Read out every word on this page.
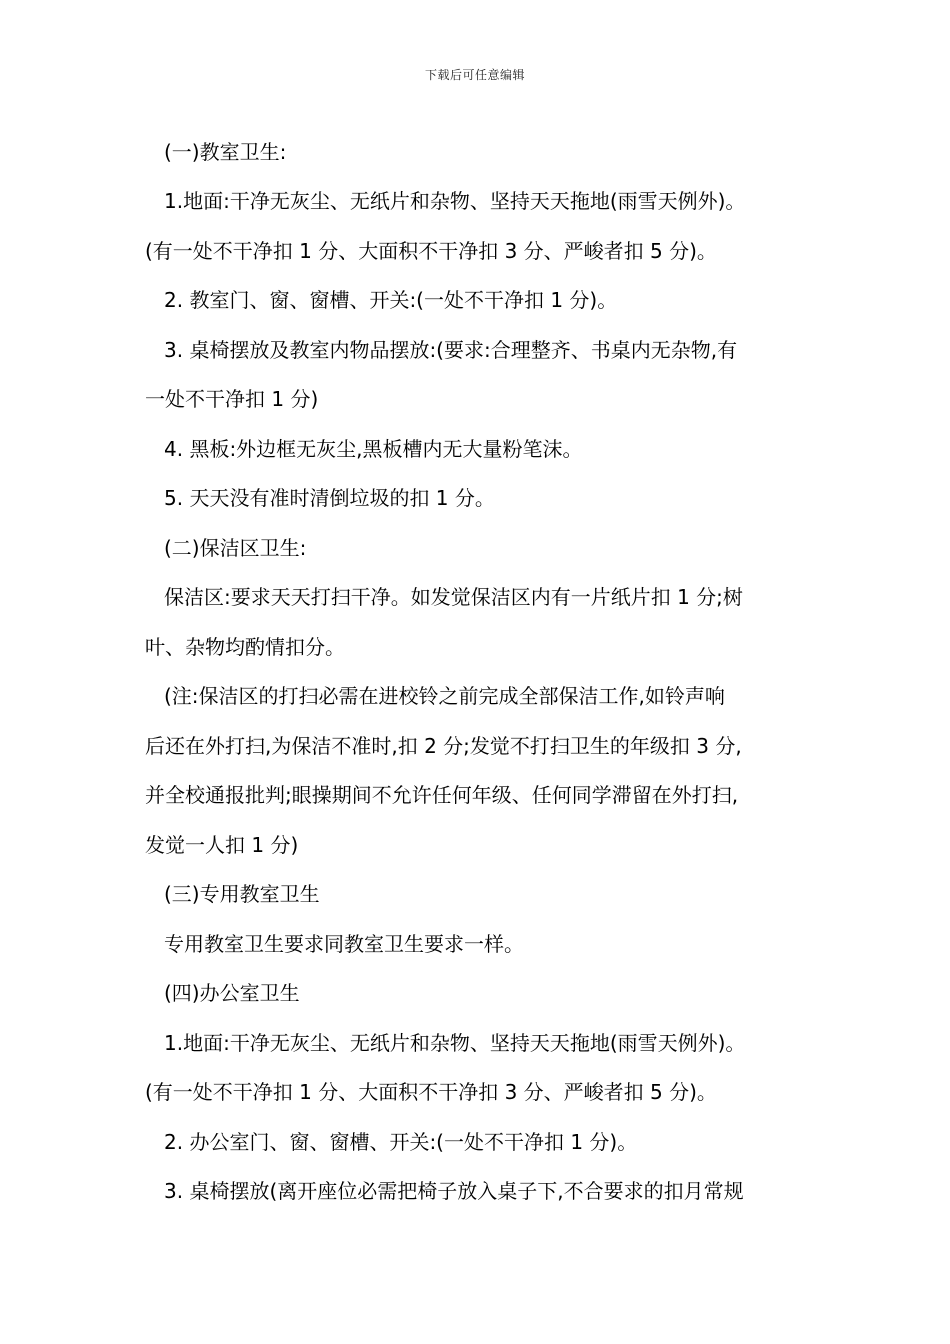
下载后可任意编辑
(一)教室卫生:
1.地面:干净无灰尘、无纸片和杂物、坚持天天拖地(雨雪天例外)。
(有一处不干净扣 1 分、大面积不干净扣 3 分、严峻者扣 5 分)。
2. 教室门、窗、窗槽、开关:(一处不干净扣 1 分)。
3. 桌椅摆放及教室内物品摆放:(要求:合理整齐、书桌内无杂物,有
一处不干净扣 1 分)
4. 黑板:外边框无灰尘,黑板槽内无大量粉笔沫。
5. 天天没有准时清倒垃圾的扣 1 分。
(二)保洁区卫生:
保洁区:要求天天打扫干净。如发觉保洁区内有一片纸片扣 1 分;树
叶、杂物均酌情扣分。
(注:保洁区的打扫必需在进校铃之前完成全部保洁工作,如铃声响
后还在外打扫,为保洁不准时,扣 2 分;发觉不打扫卫生的年级扣 3 分,
并全校通报批判;眼操期间不允许任何年级、任何同学滞留在外打扫,
发觉一人扣 1 分)
(三)专用教室卫生
专用教室卫生要求同教室卫生要求一样。
(四)办公室卫生
1.地面:干净无灰尘、无纸片和杂物、坚持天天拖地(雨雪天例外)。
(有一处不干净扣 1 分、大面积不干净扣 3 分、严峻者扣 5 分)。
2. 办公室门、窗、窗槽、开关:(一处不干净扣 1 分)。
3. 桌椅摆放(离开座位必需把椅子放入桌子下,不合要求的扣月常规
